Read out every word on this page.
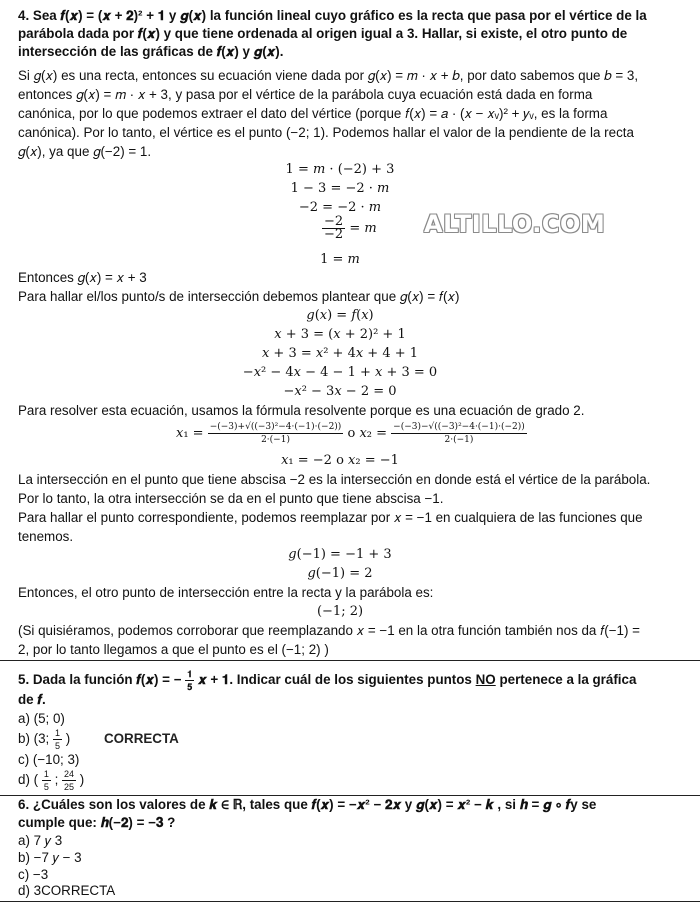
4. Sea 𝒇(𝒙) = (𝒙 + 𝟐)² + 𝟏 y 𝒈(𝒙) la función lineal cuyo gráfico es la recta que pasa por el vértice de la
parábola dada por 𝒇(𝒙) y que tiene ordenada al origen igual a 3. Hallar, si existe, el otro punto de
intersección de las gráficas de 𝒇(𝒙) y 𝒈(𝒙).
Si 𝑔(𝑥) es una recta, entonces su ecuación viene dada por 𝑔(𝑥) = 𝑚 · 𝑥 + 𝑏, por dato sabemos que 𝑏 = 3,
entonces 𝑔(𝑥) = 𝑚 · 𝑥 + 3, y pasa por el vértice de la parábola cuya ecuación está dada en forma
canónica, por lo que podemos extraer el dato del vértice (porque 𝑓(𝑥) = 𝑎 · (𝑥 − 𝑥ᵥ)² + 𝑦ᵥ, es la forma
canónica). Por lo tanto, el vértice es el punto (−2; 1). Podemos hallar el valor de la pendiente de la recta
𝑔(𝑥), ya que 𝑔(−2) = 1.
1 = 𝑚 · (−2) + 3
1 − 3 = −2 · 𝑚
−2 = −2 · 𝑚
$\frac{-2}{-2}$ = 𝑚
1 = 𝑚
ALTILLO.COM
Entonces 𝑔(𝑥) = 𝑥 + 3
Para hallar el/los punto/s de intersección debemos plantear que 𝑔(𝑥) = 𝑓(𝑥)
𝑔(𝑥) = 𝑓(𝑥)
𝑥 + 3 = (𝑥 + 2)² + 1
𝑥 + 3 = 𝑥² + 4𝑥 + 4 + 1
−𝑥² − 4𝑥 − 4 − 1 + 𝑥 + 3 = 0
−𝑥² − 3𝑥 − 2 = 0
Para resolver esta ecuación, usamos la fórmula resolvente porque es una ecuación de grado 2.
𝑥₁ = $\frac{\text{−(−3)+√((−3)²−4·(−1)·(−2))}}{2\cdot(-1)}$ o 𝑥₂ = $\frac{\text{−(−3)−√((−3)²−4·(−1)·(−2))}}{2\cdot(-1)}$
𝑥₁ = −2 o 𝑥₂ = −1
La intersección en el punto que tiene abscisa −2 es la intersección en donde está el vértice de la parábola.
Por lo tanto, la otra intersección se da en el punto que tiene abscisa −1.
Para hallar el punto correspondiente, podemos reemplazar por 𝑥 = −1 en cualquiera de las funciones que
tenemos.
𝑔(−1) = −1 + 3
𝑔(−1) = 2
Entonces, el otro punto de intersección entre la recta y la parábola es:
(−1; 2)
(Si quisiéramos, podemos corroborar que reemplazando 𝑥 = −1 en la otra función también nos da 𝑓(−1) =
2, por lo tanto llegamos a que el punto es el (−1; 2) )
5. Dada la función 𝒇(𝒙) = − $\frac{𝟏}{𝟓}$ 𝒙 + 𝟏. Indicar cuál de los siguientes puntos NO pertenece a la gráfica
de 𝒇.
a) (5; 0)
b) (3; $\frac{1}{5}$ )	CORRECTA
c) (−10; 3)
d) ( $\frac{1}{5}$ ; $\frac{24}{25}$ )
6. ¿Cuáles son los valores de 𝒌 ∈ ℝ, tales que 𝒇(𝒙) = −𝒙² − 𝟐𝒙 y 𝒈(𝒙) = 𝒙² − 𝒌 , si 𝒉 = 𝒈 ∘ 𝒇y se
cumple que: 𝒉(−𝟐) = −𝟑 ?
a) 7 𝑦 3
b) −7 𝑦 − 3
c) −3
d) 3CORRECTA
